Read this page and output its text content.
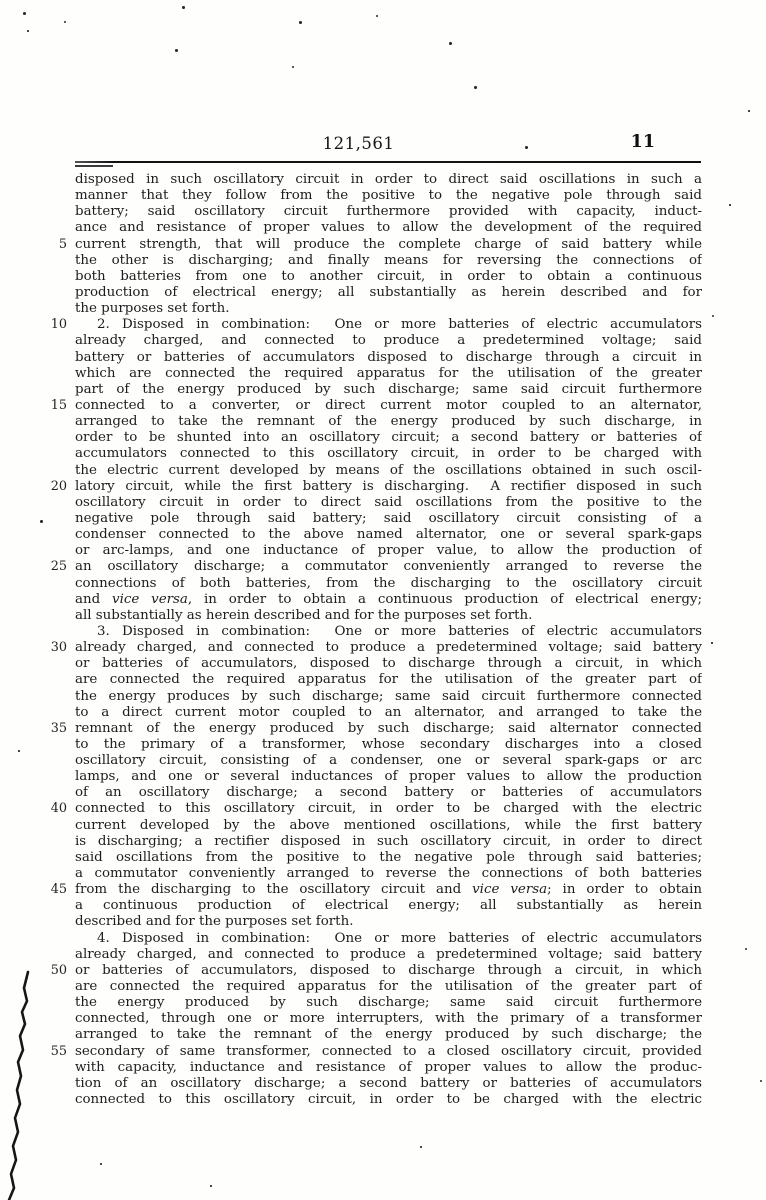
121,561	11
disposed in such oscillatory circuit in order to direct said oscillations in such a
manner that they follow from the positive to the negative pole through said
battery; said oscillatory circuit furthermore provided with capacity, induct-
ance and resistance of proper values to allow the development of the required
5 current strength, that will produce the complete charge of said battery while
the other is discharging; and finally means for reversing the connections of
both batteries from one to another circuit, in order to obtain a continuous
production of electrical energy; all substantially as herein described and for
the purposes set forth.
10	2. Disposed in combination:  One or more batteries of electric accumulators
already charged, and connected to produce a predetermined voltage; said
battery or batteries of accumulators disposed to discharge through a circuit in
which are connected the required apparatus for the utilisation of the greater
part of the energy produced by such discharge; same said circuit furthermore
15 connected to a converter, or direct current motor coupled to an alternator,
arranged to take the remnant of the energy produced by such discharge, in
order to be shunted into an oscillatory circuit; a second battery or batteries of
accumulators connected to this oscillatory circuit, in order to be charged with
the electric current developed by means of the oscillations obtained in such oscil-
20 latory circuit, while the first battery is discharging.  A rectifier disposed in such
oscillatory circuit in order to direct said oscillations from the positive to the
negative pole through said battery; said oscillatory circuit consisting of a
condenser connected to the above named alternator, one or several spark-gaps
or arc-lamps, and one inductance of proper value, to allow the production of
25 an oscillatory discharge; a commutator conveniently arranged to reverse the
connections of both batteries, from the discharging to the oscillatory circuit
and vice versa, in order to obtain a continuous production of electrical energy;
all substantially as herein described and for the purposes set forth.
3. Disposed in combination:  One or more batteries of electric accumulators
30 already charged, and connected to produce a predetermined voltage; said battery
or batteries of accumulators, disposed to discharge through a circuit, in which
are connected the required apparatus for the utilisation of the greater part of
the energy produces by such discharge; same said circuit furthermore connected
to a direct current motor coupled to an alternator, and arranged to take the
35 remnant of the energy produced by such discharge; said alternator connected
to the primary of a transformer, whose secondary discharges into a closed
oscillatory circuit, consisting of a condenser, one or several spark-gaps or arc
lamps, and one or several inductances of proper values to allow the production
of an oscillatory discharge; a second battery or batteries of accumulators
40 connected to this oscillatory circuit, in order to be charged with the electric
current developed by the above mentioned oscillations, while the first battery
is discharging; a rectifier disposed in such oscillatory circuit, in order to direct
said oscillations from the positive to the negative pole through said batteries;
a commutator conveniently arranged to reverse the connections of both batteries
45 from the discharging to the oscillatory circuit and vice versa; in order to obtain
a continuous production of electrical energy; all substantially as herein
described and for the purposes set forth.
4. Disposed in combination:  One or more batteries of electric accumulators
already charged, and connected to produce a predetermined voltage; said battery
50 or batteries of accumulators, disposed to discharge through a circuit, in which
are connected the required apparatus for the utilisation of the greater part of
the energy produced by such discharge; same said circuit furthermore
connected, through one or more interrupters, with the primary of a transformer
arranged to take the remnant of the energy produced by such discharge; the
55 secondary of same transformer, connected to a closed oscillatory circuit, provided
with capacity, inductance and resistance of proper values to allow the produc-
tion of an oscillatory discharge; a second battery or batteries of accumulators
connected to this oscillatory circuit, in order to be charged with the electric
